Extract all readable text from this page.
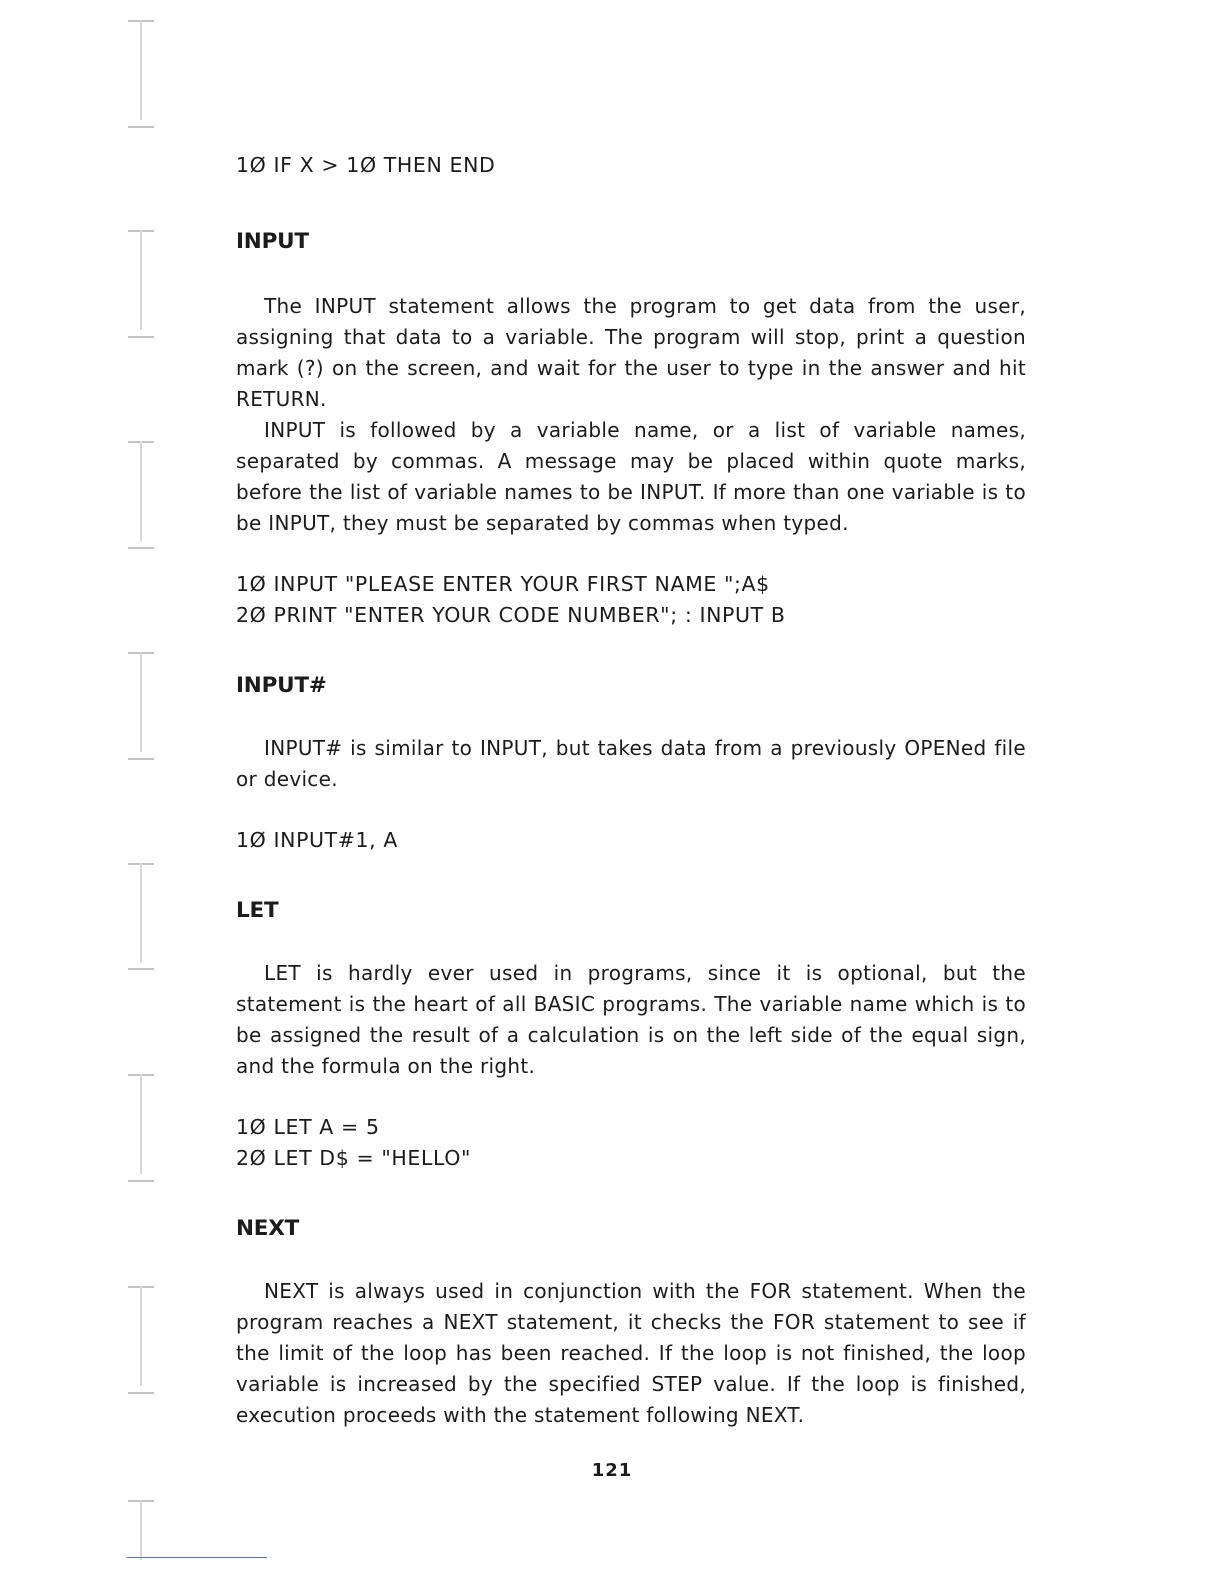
1Ø IF X > 1Ø THEN END
INPUT

The INPUT statement allows the program to get data from the user, assigning that data to a variable. The program will stop, print a question mark (?) on the screen, and wait for the user to type in the answer and hit RETURN.

INPUT is followed by a variable name, or a list of variable names, separated by commas. A message may be placed within quote marks, before the list of variable names to be INPUT. If more than one variable is to be INPUT, they must be separated by commas when typed.

1Ø INPUT "PLEASE ENTER YOUR FIRST NAME ";A$
2Ø PRINT "ENTER YOUR CODE NUMBER"; : INPUT B
INPUT#

INPUT# is similar to INPUT, but takes data from a previously OPENed file or device.

1Ø INPUT#1, A
LET

LET is hardly ever used in programs, since it is optional, but the statement is the heart of all BASIC programs. The variable name which is to be assigned the result of a calculation is on the left side of the equal sign, and the formula on the right.

1Ø LET A = 5
2Ø LET D$ = "HELLO"
NEXT

NEXT is always used in conjunction with the FOR statement. When the program reaches a NEXT statement, it checks the FOR statement to see if the limit of the loop has been reached. If the loop is not finished, the loop variable is increased by the specified STEP value. If the loop is finished, execution proceeds with the statement following NEXT.

121
